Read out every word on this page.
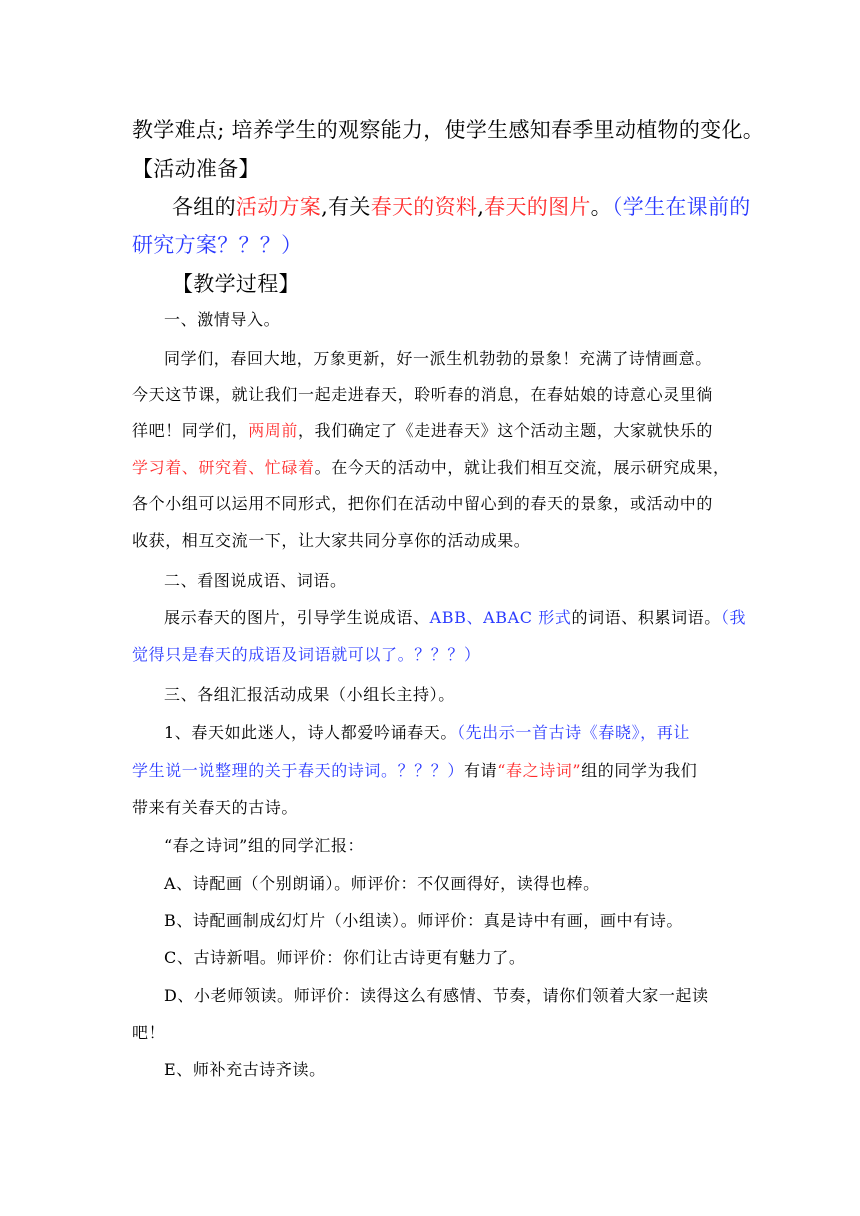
教学难点; 培养学生的观察能力，使学生感知春季里动植物的变化。
【活动准备】
各组的活动方案,有关春天的资料,春天的图片。（学生在课前的
研究方案？？？）
【教学过程】
一、激情导入。
同学们，春回大地，万象更新，好一派生机勃勃的景象！充满了诗情画意。
今天这节课，就让我们一起走进春天，聆听春的消息，在春姑娘的诗意心灵里徜
徉吧！同学们，两周前，我们确定了《走进春天》这个活动主题，大家就快乐的
学习着、研究着、忙碌着。在今天的活动中，就让我们相互交流，展示研究成果，
各个小组可以运用不同形式，把你们在活动中留心到的春天的景象，或活动中的
收获，相互交流一下，让大家共同分享你的活动成果。
二、看图说成语、词语。
展示春天的图片，引导学生说成语、ABB、ABAC 形式的词语、积累词语。（我
觉得只是春天的成语及词语就可以了。？？？）
三、各组汇报活动成果（小组长主持）。
1、春天如此迷人，诗人都爱吟诵春天。（先出示一首古诗《春晓》，再让
学生说一说整理的关于春天的诗词。？？？）有请“春之诗词”组的同学为我们
带来有关春天的古诗。
“春之诗词”组的同学汇报：
A、诗配画（个别朗诵）。师评价：不仅画得好，读得也棒。
B、诗配画制成幻灯片（小组读）。师评价：真是诗中有画，画中有诗。
C、古诗新唱。师评价：你们让古诗更有魅力了。
D、小老师领读。师评价：读得这么有感情、节奏，请你们领着大家一起读
吧！
E、师补充古诗齐读。
